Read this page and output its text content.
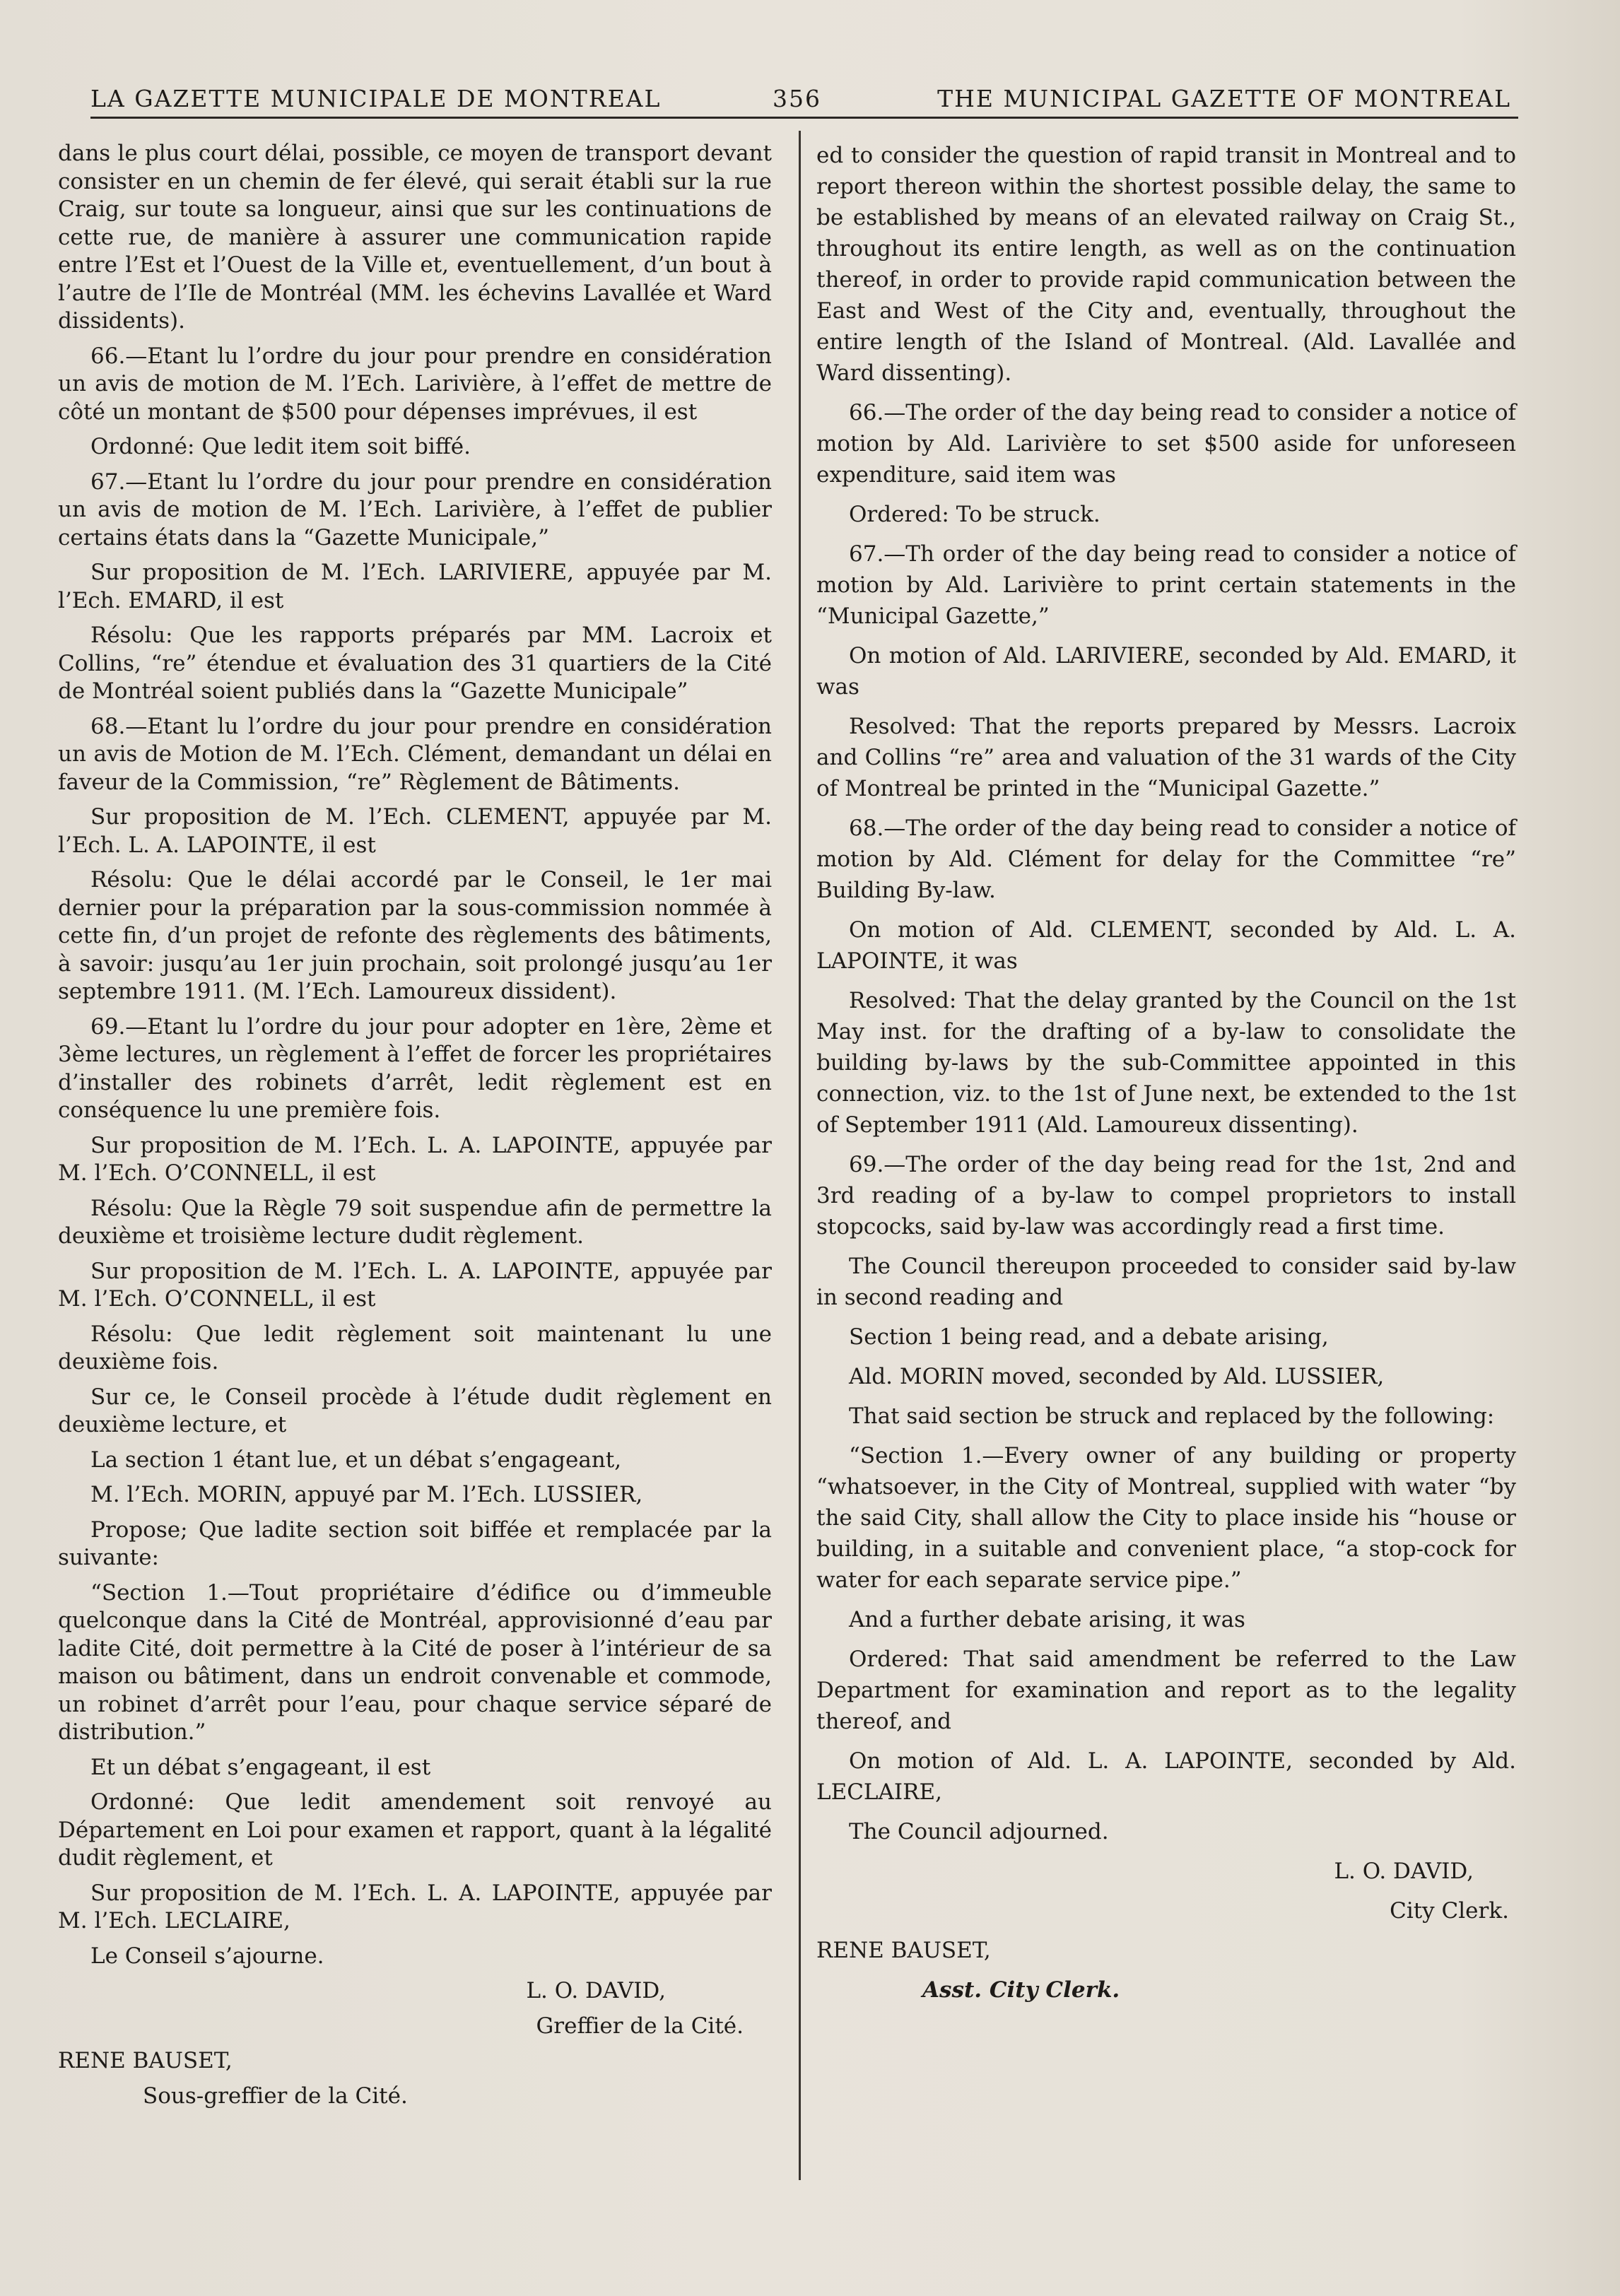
LA GAZETTE MUNICIPALE DE MONTREAL	356	THE MUNICIPAL GAZETTE OF MONTREAL

dans le plus court délai, possible, ce moyen de transport devant consister en un chemin de fer élevé, qui serait établi sur la rue Craig, sur toute sa longueur, ainsi que sur les continuations de cette rue, de manière à assurer une communication rapide entre l’Est et l’Ouest de la Ville et, eventuellement, d’un bout à l’autre de l’Ile de Montréal (MM. les échevins Lavallée et Ward dissidents).

66.—Etant lu l’ordre du jour pour prendre en considération un avis de motion de M. l’Ech. Larivière, à l’effet de mettre de côté un montant de $500 pour dépenses imprévues, il est

Ordonné: Que ledit item soit biffé.

67.—Etant lu l’ordre du jour pour prendre en considération un avis de motion de M. l’Ech. Larivière, à l’effet de publier certains états dans la “Gazette Municipale,”

Sur proposition de M. l’Ech. LARIVIERE, appuyée par M. l’Ech. EMARD, il est

Résolu: Que les rapports préparés par MM. Lacroix et Collins, “re” étendue et évaluation des 31 quartiers de la Cité de Montréal soient publiés dans la “Gazette Municipale”

68.—Etant lu l’ordre du jour pour prendre en considération un avis de Motion de M. l’Ech. Clément, demandant un délai en faveur de la Commission, “re” Règlement de Bâtiments.

Sur proposition de M. l’Ech. CLEMENT, appuyée par M. l’Ech. L. A. LAPOINTE, il est

Résolu: Que le délai accordé par le Conseil, le 1er mai dernier pour la préparation par la sous-commission nommée à cette fin, d’un projet de refonte des règlements des bâtiments, à savoir: jusqu’au 1er juin prochain, soit prolongé jusqu’au 1er septembre 1911. (M. l’Ech. Lamoureux dissident).

69.—Etant lu l’ordre du jour pour adopter en 1ère, 2ème et 3ème lectures, un règlement à l’effet de forcer les propriétaires d’installer des robinets d’arrêt, ledit règlement est en conséquence lu une première fois.

Sur proposition de M. l’Ech. L. A. LAPOINTE, appuyée par M. l’Ech. O’CONNELL, il est

Résolu: Que la Règle 79 soit suspendue afin de permettre la deuxième et troisième lecture dudit règlement.

Sur proposition de M. l’Ech. L. A. LAPOINTE, appuyée par M. l’Ech. O’CONNELL, il est

Résolu: Que ledit règlement soit maintenant lu une deuxième fois.

Sur ce, le Conseil procède à l’étude dudit règlement en deuxième lecture, et

La section 1 étant lue, et un débat s’engageant,

M. l’Ech. MORIN, appuyé par M. l’Ech. LUSSIER,

Propose; Que ladite section soit biffée et remplacée par la suivante:

“Section 1.—Tout propriétaire d’édifice ou d’immeuble quelconque dans la Cité de Montréal, approvisionné d’eau par ladite Cité, doit permettre à la Cité de poser à l’intérieur de sa maison ou bâtiment, dans un endroit convenable et commode, un robinet d’arrêt pour l’eau, pour chaque service séparé de distribution.”

Et un débat s’engageant, il est

Ordonné: Que ledit amendement soit renvoyé au Département en Loi pour examen et rapport, quant à la légalité dudit règlement, et

Sur proposition de M. l’Ech. L. A. LAPOINTE, appuyée par M. l’Ech. LECLAIRE,

Le Conseil s’ajourne.

L. O. DAVID,

Greffier de la Cité.

RENE BAUSET,

Sous-greffier de la Cité.

ed to consider the question of rapid transit in Montreal and to report thereon within the shortest possible delay, the same to be established by means of an elevated railway on Craig St., throughout its entire length, as well as on the continuation thereof, in order to provide rapid communication between the East and West of the City and, eventually, throughout the entire length of the Island of Montreal. (Ald. Lavallée and Ward dissenting).

66.—The order of the day being read to consider a notice of motion by Ald. Larivière to set $500 aside for unforeseen expenditure, said item was

Ordered: To be struck.

67.—Th order of the day being read to consider a notice of motion by Ald. Larivière to print certain statements in the “Municipal Gazette,”

On motion of Ald. LARIVIERE, seconded by Ald. EMARD, it was

Resolved: That the reports prepared by Messrs. Lacroix and Collins “re” area and valuation of the 31 wards of the City of Montreal be printed in the “Municipal Gazette.”

68.—The order of the day being read to consider a notice of motion by Ald. Clément for delay for the Committee “re” Building By-law.

On motion of Ald. CLEMENT, seconded by Ald. L. A. LAPOINTE, it was

Resolved: That the delay granted by the Council on the 1st May inst. for the drafting of a by-law to consolidate the building by-laws by the sub-Committee appointed in this connection, viz. to the 1st of June next, be extended to the 1st of September 1911 (Ald. Lamoureux dissenting).

69.—The order of the day being read for the 1st, 2nd and 3rd reading of a by-law to compel proprietors to install stopcocks, said by-law was accordingly read a first time.

The Council thereupon proceeded to consider said by-law in second reading and

Section 1 being read, and a debate arising,

Ald. MORIN moved, seconded by Ald. LUSSIER,

That said section be struck and replaced by the following:

“Section 1.—Every owner of any building or property “whatsoever, in the City of Montreal, supplied with water “by the said City, shall allow the City to place inside his “house or building, in a suitable and convenient place, “a stop-cock for water for each separate service pipe.”

And a further debate arising, it was

Ordered: That said amendment be referred to the Law Department for examination and report as to the legality thereof, and

On motion of Ald. L. A. LAPOINTE, seconded by Ald. LECLAIRE,

The Council adjourned.

L. O. DAVID,

City Clerk.

RENE BAUSET,

Asst. City Clerk.
